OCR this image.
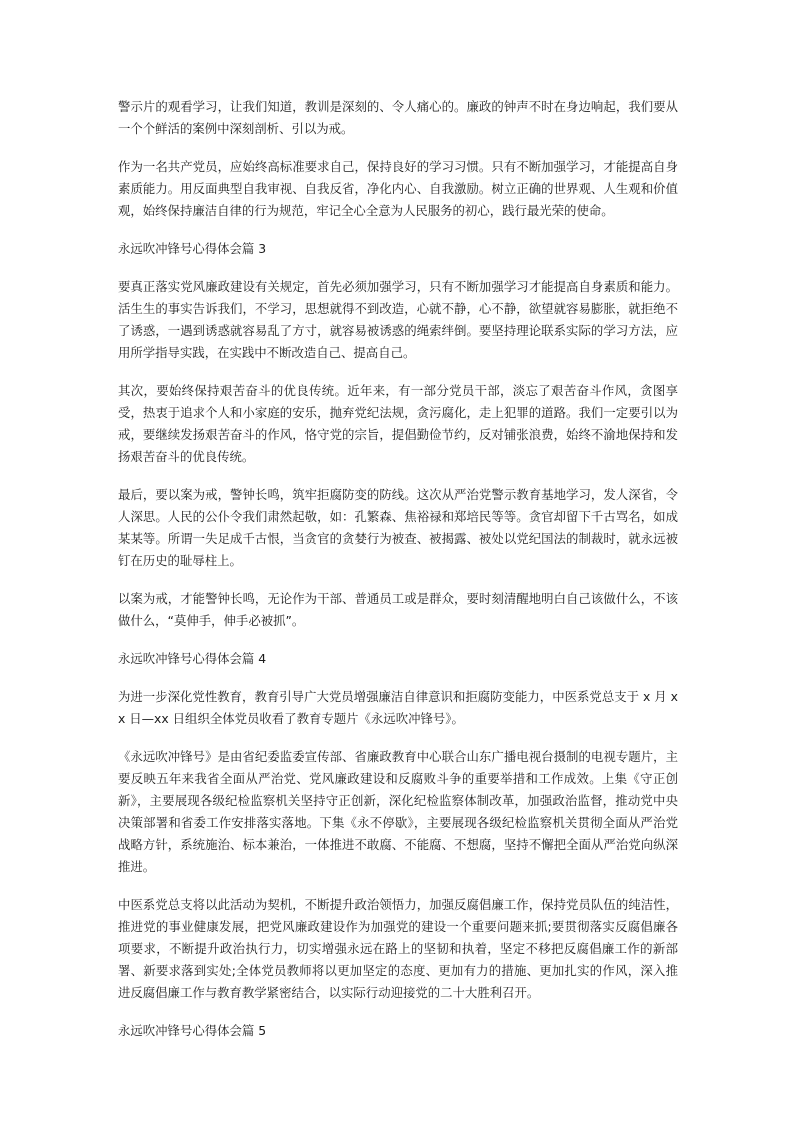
警示片的观看学习，让我们知道，教训是深刻的、令人痛心的。廉政的钟声不时在身边响起，我们要从一个个鲜活的案例中深刻剖析、引以为戒。

作为一名共产党员，应始终高标准要求自己，保持良好的学习习惯。只有不断加强学习，才能提高自身素质能力。用反面典型自我审视、自我反省，净化内心、自我激励。树立正确的世界观、人生观和价值观，始终保持廉洁自律的行为规范，牢记全心全意为人民服务的初心，践行最光荣的使命。

永远吹冲锋号心得体会篇 3

要真正落实党风廉政建设有关规定，首先必须加强学习，只有不断加强学习才能提高自身素质和能力。活生生的事实告诉我们，不学习，思想就得不到改造，心就不静，心不静，欲望就容易膨胀，就拒绝不了诱惑，一遇到诱惑就容易乱了方寸，就容易被诱惑的绳索绊倒。要坚持理论联系实际的学习方法，应用所学指导实践，在实践中不断改造自己、提高自己。

其次，要始终保持艰苦奋斗的优良传统。近年来，有一部分党员干部，淡忘了艰苦奋斗作风，贪图享受，热衷于追求个人和小家庭的安乐，抛弃党纪法规，贪污腐化，走上犯罪的道路。我们一定要引以为戒，要继续发扬艰苦奋斗的作风，恪守党的宗旨，提倡勤俭节约，反对铺张浪费，始终不渝地保持和发扬艰苦奋斗的优良传统。

最后，要以案为戒，警钟长鸣，筑牢拒腐防变的防线。这次从严治党警示教育基地学习，发人深省，令人深思。人民的公仆令我们肃然起敬，如：孔繁森、焦裕禄和郑培民等等。贪官却留下千古骂名，如成某某等。所谓一失足成千古恨，当贪官的贪婪行为被查、被揭露、被处以党纪国法的制裁时，就永远被钉在历史的耻辱柱上。

以案为戒，才能警钟长鸣，无论作为干部、普通员工或是群众，要时刻清醒地明白自己该做什么，不该做什么，“莫伸手，伸手必被抓”。

永远吹冲锋号心得体会篇 4

为进一步深化党性教育，教育引导广大党员增强廉洁自律意识和拒腐防变能力，中医系党总支于 x 月 xx 日—xx 日组织全体党员收看了教育专题片《永远吹冲锋号》。

《永远吹冲锋号》是由省纪委监委宣传部、省廉政教育中心联合山东广播电视台摄制的电视专题片，主要反映五年来我省全面从严治党、党风廉政建设和反腐败斗争的重要举措和工作成效。上集《守正创新》，主要展现各级纪检监察机关坚持守正创新，深化纪检监察体制改革，加强政治监督，推动党中央决策部署和省委工作安排落实落地。下集《永不停歇》，主要展现各级纪检监察机关贯彻全面从严治党战略方针，系统施治、标本兼治，一体推进不敢腐、不能腐、不想腐，坚持不懈把全面从严治党向纵深推进。

中医系党总支将以此活动为契机，不断提升政治领悟力，加强反腐倡廉工作，保持党员队伍的纯洁性，推进党的事业健康发展，把党风廉政建设作为加强党的建设一个重要问题来抓;要贯彻落实反腐倡廉各项要求，不断提升政治执行力，切实增强永远在路上的坚韧和执着，坚定不移把反腐倡廉工作的新部署、新要求落到实处;全体党员教师将以更加坚定的态度、更加有力的措施、更加扎实的作风，深入推进反腐倡廉工作与教育教学紧密结合，以实际行动迎接党的二十大胜利召开。

永远吹冲锋号心得体会篇 5
